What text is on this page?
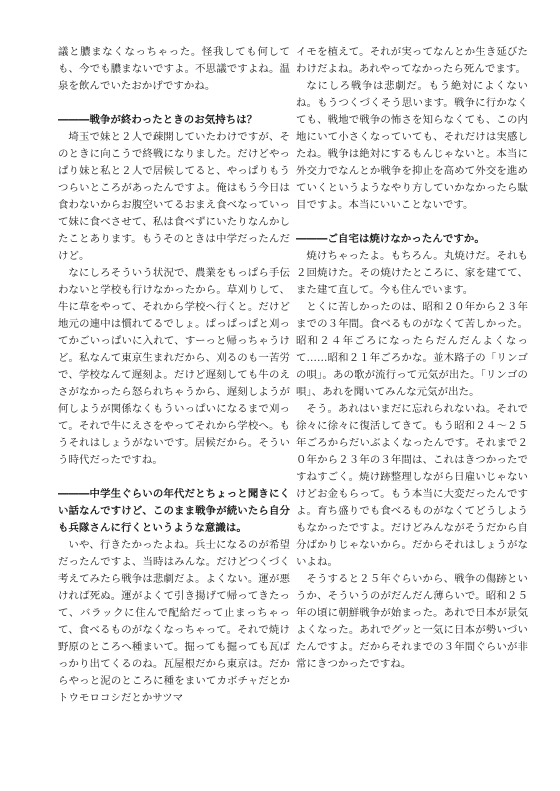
議と膿まなくなっちゃった。怪我しても何しても、今でも膿まないですよ。不思議ですよね。温泉を飲んでいたおかげですかね。

―――戦争が終わったときのお気持ちは？

埼玉で妹と２人で疎開していたわけですが、そのときに向こうで終戦になりました。だけどやっぱり妹と私と２人で居候してると、やっぱりもうつらいところがあったんですよ。俺はもう今日は食わないからお腹空いてるおまえ食べなっていって妹に食べさせて、私は食べずにいたりなんかしたことあります。もうそのときは中学だったんだけど。

なにしろそういう状況で、農業をもっぱら手伝わないと学校も行けなかったから。草刈りして、牛に草をやって、それから学校へ行くと。だけど地元の連中は慣れてるでしょ。ぱっぱっぱと刈ってかごいっぱいに入れて、すーっと帰っちゃうけど。私なんて東京生まれだから、刈るのも一苦労で、学校なんて遅刻よ。だけど遅刻しても牛のえさがなかったら怒られちゃうから、遅刻しようが何しようが関係なくもういっぱいになるまで刈って。それで牛にえさをやってそれから学校へ。もうそれはしょうがないです。居候だから。そういう時代だったですね。

―――中学生ぐらいの年代だとちょっと聞きにくい話なんですけど、このまま戦争が続いたら自分も兵隊さんに行くというような意識は。

いや、行きたかったよね。兵士になるのが希望だったんですよ、当時はみんな。だけどつくづく考えてみたら戦争は悲劇だよ。よくない。運が悪ければ死ぬ。運がよくて引き揚げて帰ってきたって、バラックに住んで配給だって止まっちゃって、食べるものがなくなっちゃって。それで焼け野原のところへ種まいて。掘っても掘っても瓦ばっかり出てくるのね。瓦屋根だから東京は。だからやっと泥のところに種をまいてカボチャだとかトウモロコシだとかサツマ

イモを植えて。それが実ってなんとか生き延びたわけだよね。あれやってなかったら死んでます。

なにしろ戦争は悲劇だ。もう絶対によくないね。もうつくづくそう思います。戦争に行かなくても、戦地で戦争の怖さを知らなくても、この内地にいて小さくなっていても、それだけは実感したね。戦争は絶対にするもんじゃないと。本当に外交力でなんとか戦争を抑止を高めて外交を進めていくというようなやり方していかなかったら駄目ですよ。本当にいいことないです。

―――ご自宅は焼けなかったんですか。

焼けちゃったよ。もちろん。丸焼けだ。それも２回焼けた。その焼けたところに、家を建てて、また建て直して。今も住んでいます。

とくに苦しかったのは、昭和２０年から２３年までの３年間。食べるものがなくて苦しかった。昭和２４年ごろになったらだんだんよくなって……昭和２１年ごろかな。並木路子の「リンゴの唄」。あの歌が流行って元気が出た。「リンゴの唄」、あれを聞いてみんな元気が出た。

そう。あれはいまだに忘れられないね。それで徐々に徐々に復活してきて。もう昭和２４〜２５年ごろからだいぶよくなったんです。それまで２０年から２３年の３年間は、これはきつかったですねすごく。焼け跡整理しながら日雇いじゃないけどお金もらって。もう本当に大変だったんですよ。育ち盛りでも食べるものがなくてどうしようもなかったですよ。だけどみんながそうだから自分ばかりじゃないから。だからそれはしょうがないよね。

そうすると２５年ぐらいから、戦争の傷跡というか、そういうのがだんだん薄らいで。昭和２５年の頃に朝鮮戦争が始まった。あれで日本が景気よくなった。あれでグッと一気に日本が勢いづいたんですよ。だからそれまでの３年間ぐらいが非常にきつかったですね。
